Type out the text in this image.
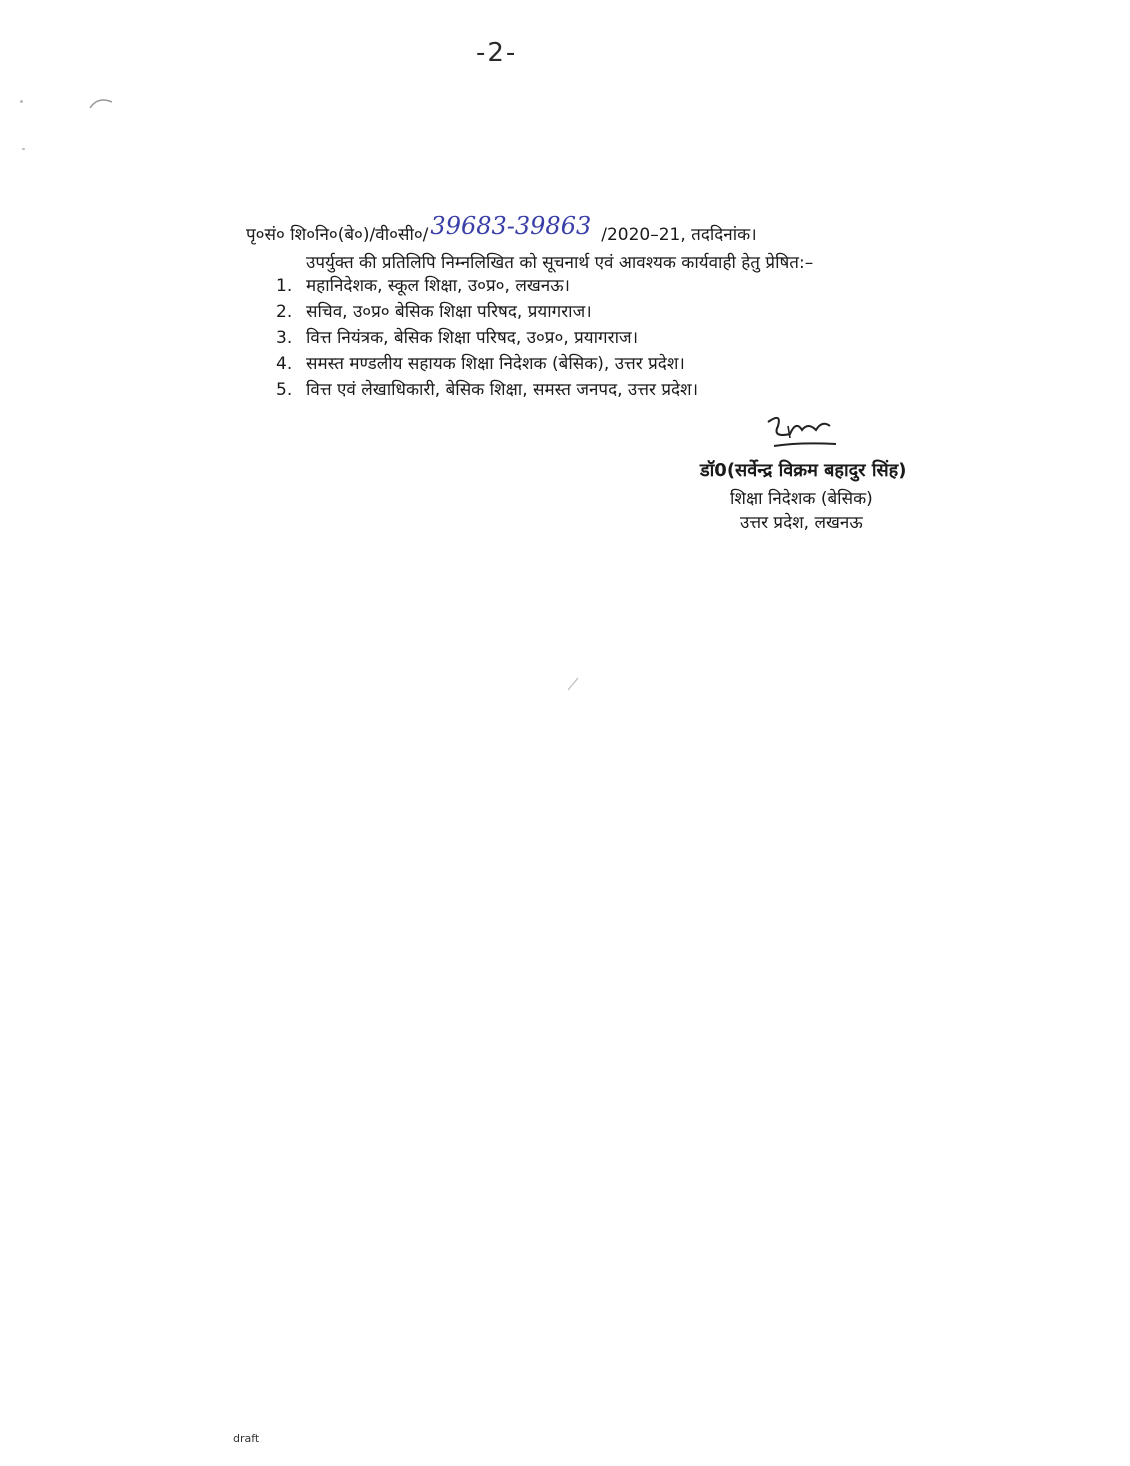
-2-
पृ०सं० शि०नि०(बे०)/वी०सी०/39683-39863 /2020–21, तददिनांक।
उपर्युक्त की प्रतिलिपि निम्नलिखित को सूचनार्थ एवं आवश्यक कार्यवाही हेतु प्रेषित:–
1. महानिदेशक, स्कूल शिक्षा, उ०प्र०, लखनऊ।
2. सचिव, उ०प्र० बेसिक शिक्षा परिषद, प्रयागराज।
3. वित्त नियंत्रक, बेसिक शिक्षा परिषद, उ०प्र०, प्रयागराज।
4. समस्त मण्डलीय सहायक शिक्षा निदेशक (बेसिक), उत्तर प्रदेश।
5. वित्त एवं लेखाधिकारी, बेसिक शिक्षा, समस्त जनपद, उत्तर प्रदेश।
डॉ0(सर्वेन्द्र विक्रम बहादुर सिंह)
शिक्षा निदेशक (बेसिक)
उत्तर प्रदेश, लखनऊ
draft
